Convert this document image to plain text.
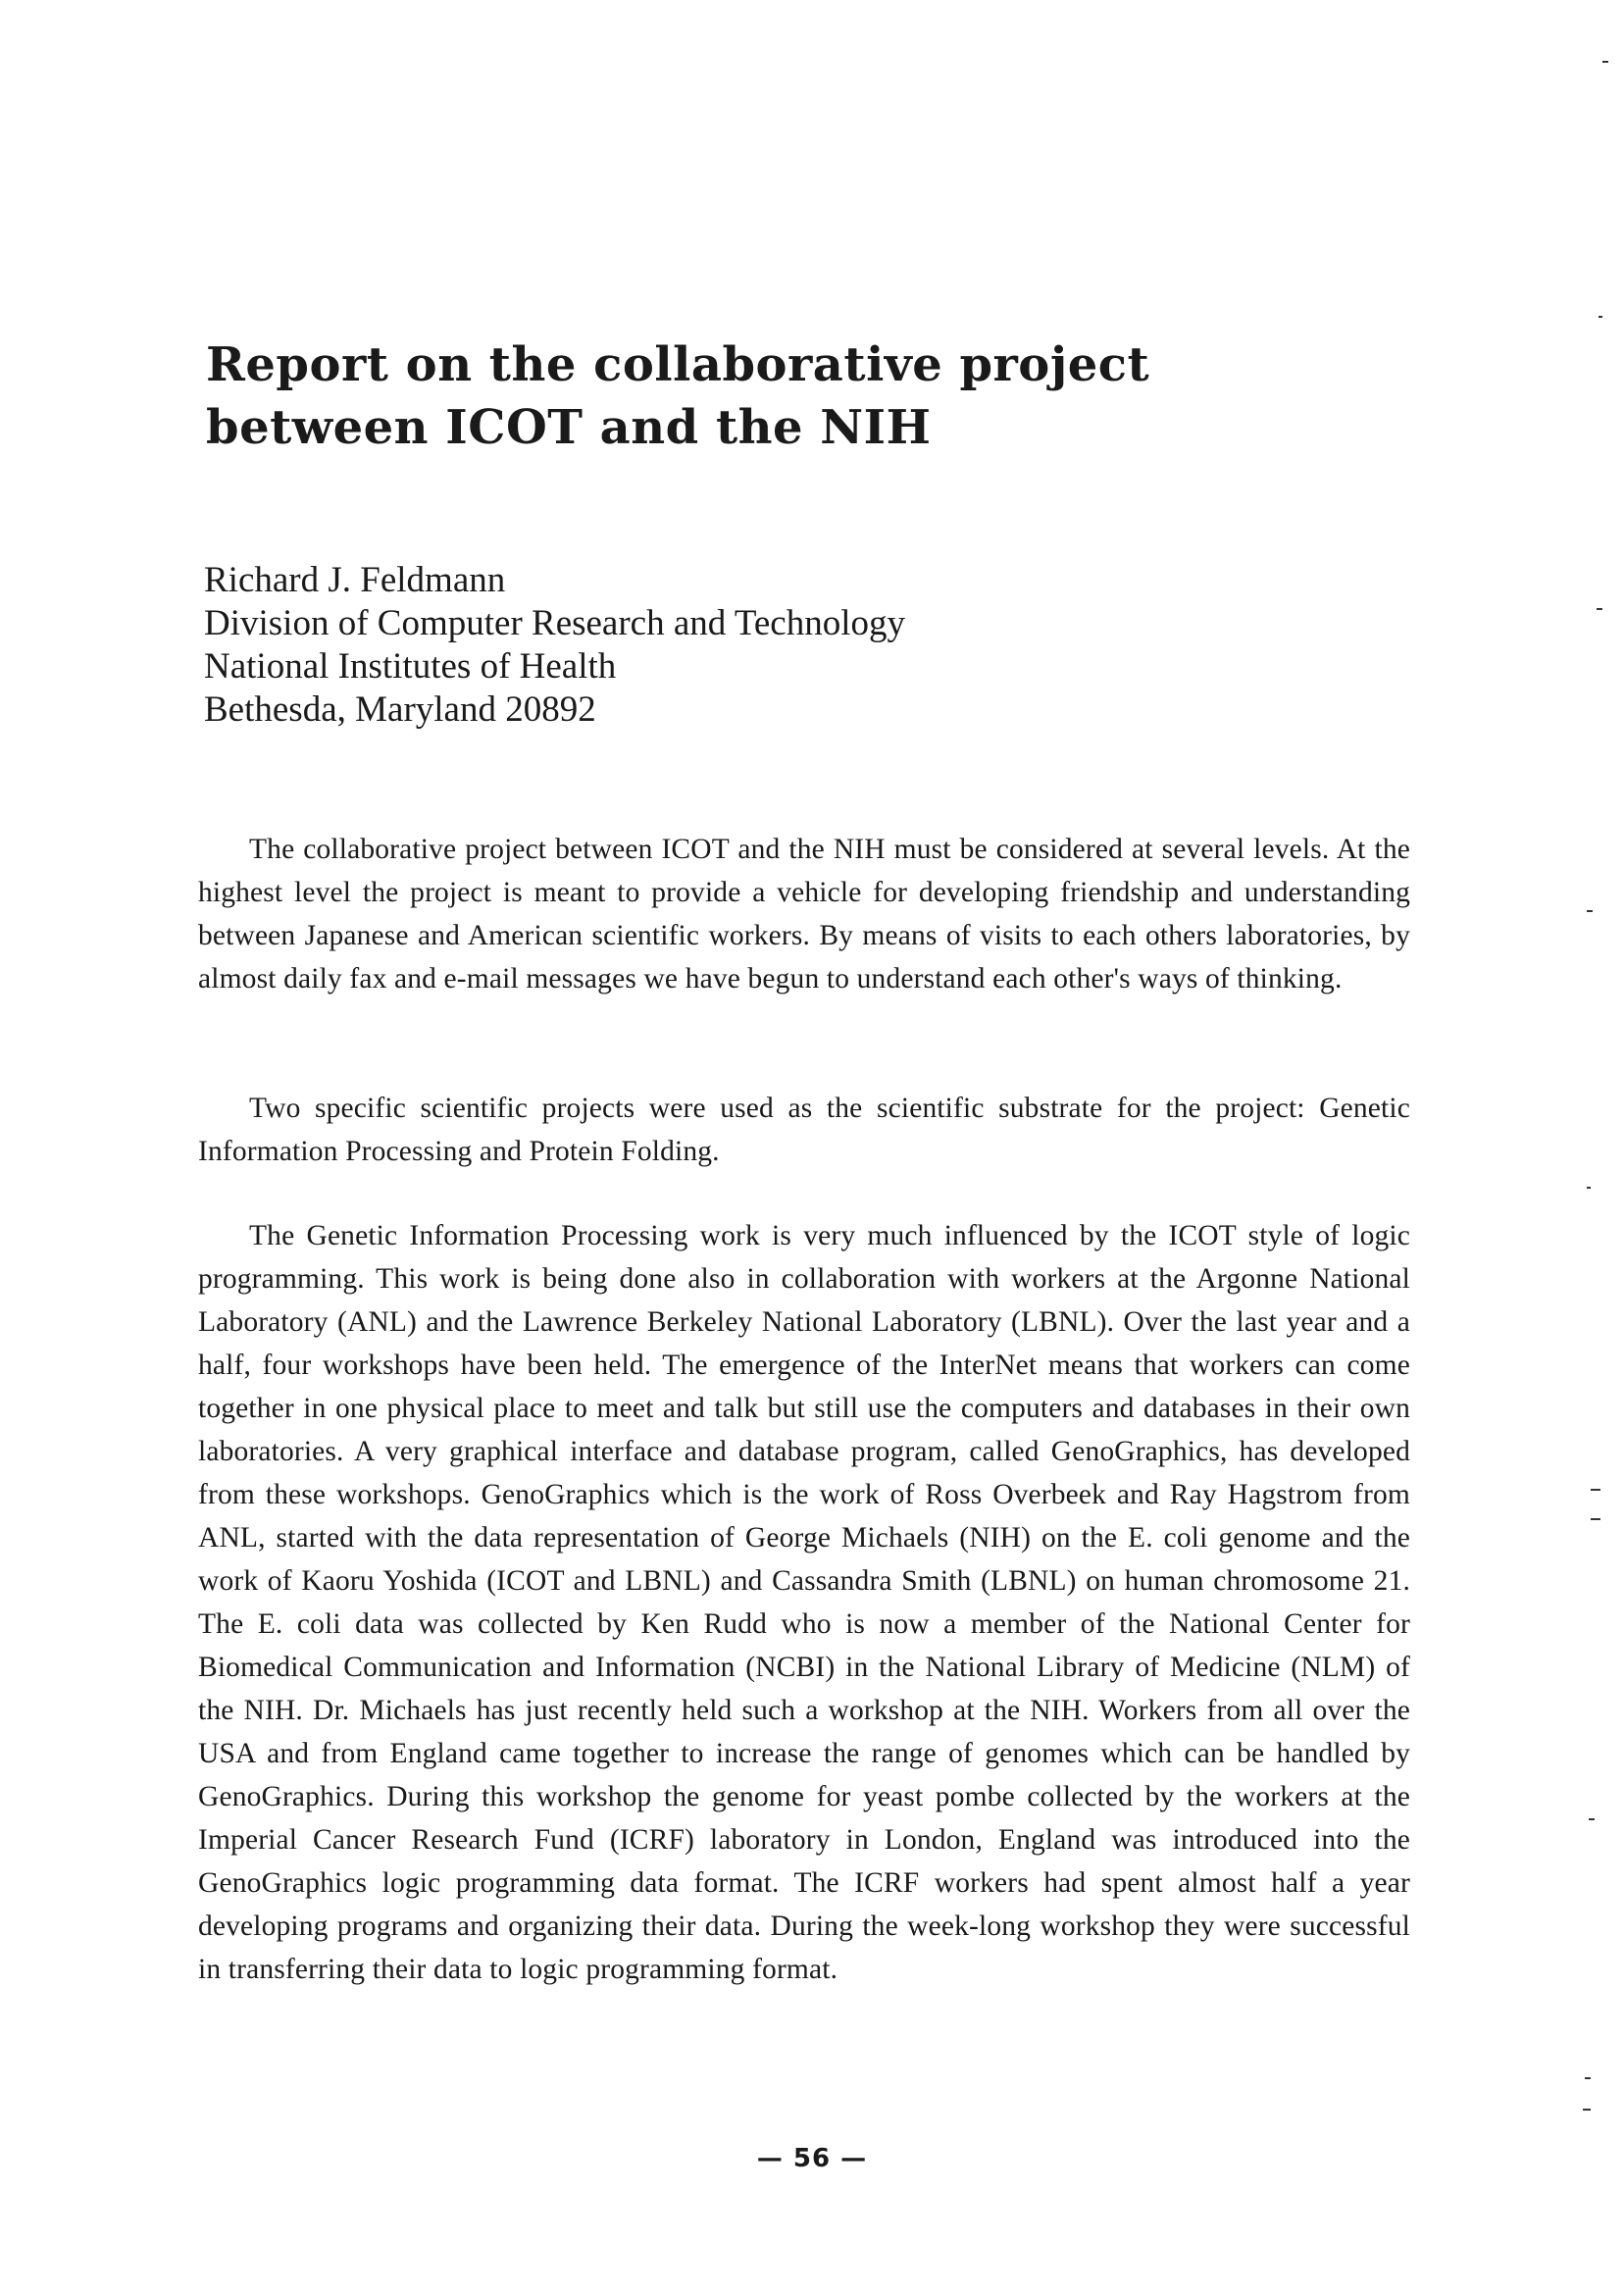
Report on the collaborative project
between ICOT and the NIH
Richard J. Feldmann
Division of Computer Research and Technology
National Institutes of Health
Bethesda, Maryland 20892

The collaborative project between ICOT and the NIH must be considered at several levels. At the highest level the project is meant to provide a vehicle for developing friendship and understanding between Japanese and American scientific workers. By means of visits to each others laboratories, by almost daily fax and e-mail messages we have begun to understand each other's ways of thinking.

Two specific scientific projects were used as the scientific substrate for the project: Genetic Information Processing and Protein Folding.

The Genetic Information Processing work is very much influenced by the ICOT style of logic programming. This work is being done also in collaboration with workers at the Argonne National Laboratory (ANL) and the Lawrence Berkeley National Laboratory (LBNL). Over the last year and a half, four workshops have been held. The emergence of the InterNet means that workers can come together in one physical place to meet and talk but still use the computers and databases in their own laboratories. A very graphical interface and database program, called GenoGraphics, has developed from these workshops. GenoGraphics which is the work of Ross Overbeek and Ray Hagstrom from ANL, started with the data representation of George Michaels (NIH) on the E. coli genome and the work of Kaoru Yoshida (ICOT and LBNL) and Cassandra Smith (LBNL) on human chromosome 21. The E. coli data was collected by Ken Rudd who is now a member of the National Center for Biomedical Communication and Information (NCBI) in the National Library of Medicine (NLM) of the NIH. Dr. Michaels has just recently held such a workshop at the NIH. Workers from all over the USA and from England came together to increase the range of genomes which can be handled by GenoGraphics. During this workshop the genome for yeast pombe collected by the workers at the Imperial Cancer Research Fund (ICRF) laboratory in London, England was introduced into the GenoGraphics logic programming data format. The ICRF workers had spent almost half a year developing programs and organizing their data. During the week-long workshop they were successful in transferring their data to logic programming format.

— 56 —
